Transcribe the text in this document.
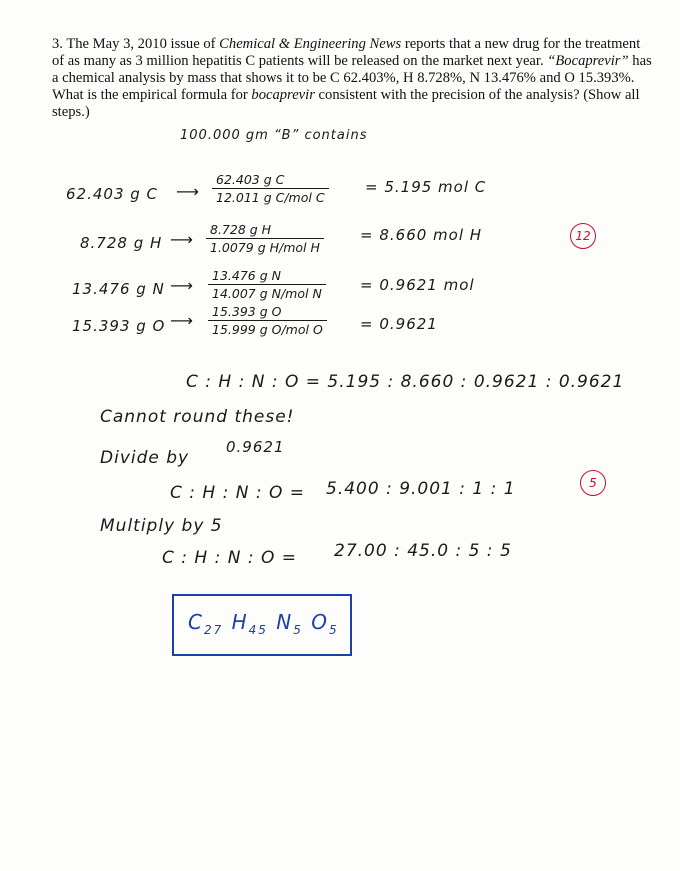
3. The May 3, 2010 issue of Chemical & Engineering News reports that a new drug for the treatment of as many as 3 million hepatitis C patients will be released on the market next year. “Bocaprevir” has a chemical analysis by mass that shows it to be C 62.403%, H 8.728%, N 13.476% and O 15.393%. What is the empirical formula for bocaprevir consistent with the precision of the analysis? (Show all steps.)

100.000 gm “B” contains
62.403 g C ⟶
62.403 g C
12.011 g C/mol C
= 5.195 mol C
8.728 g H ⟶
8.728 g H
1.0079 g H/mol H
= 8.660 mol H	12
13.476 g N ⟶
13.476 g N
14.007 g N/mol N	= 0.9621 mol
15.393 g O ⟶	15.393 g O
15.999 g O/mol O = 0.9621
C : H : N : O = 5.195 : 8.660 : 0.9621 : 0.9621
Cannot round these!
Divide by
0.9621
C : H : N : O = 5.400 : 9.001 : 1 : 1	5
Multiply by 5
C : H : N : O = 27.00 : 45.0 : 5 : 5
$C_{27}$ $H_{45}$ $N_5$ $O_5$
